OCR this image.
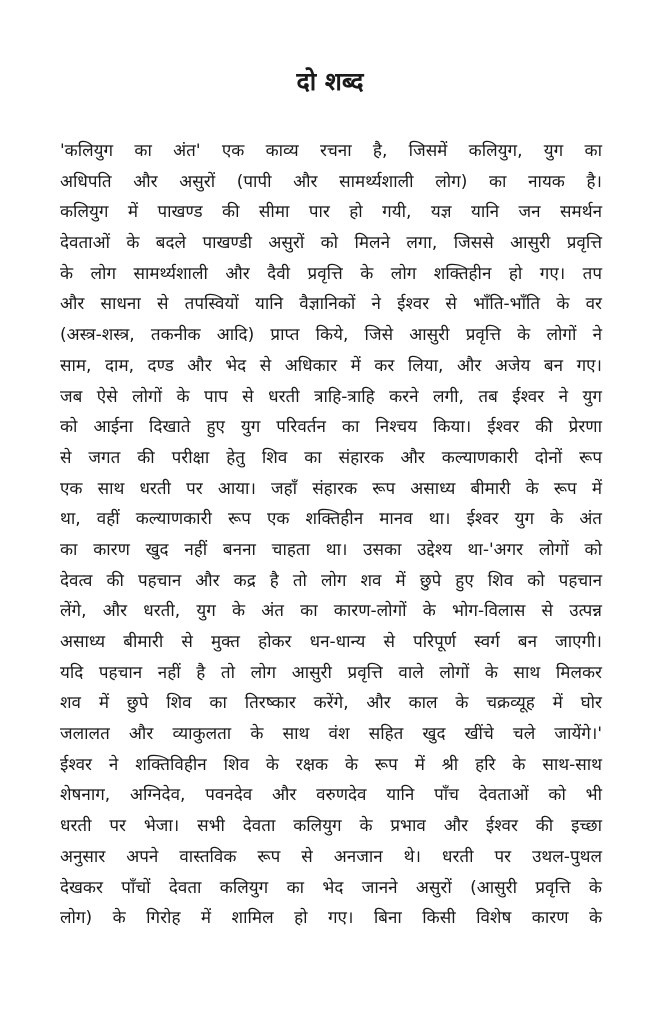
दो शब्द
'कलियुग का अंत' एक काव्य रचना है, जिसमें कलियुग, युग का
अधिपति और असुरों (पापी और सामर्थ्यशाली लोग) का नायक है।
कलियुग में पाखण्ड की सीमा पार हो गयी, यज्ञ यानि जन समर्थन
देवताओं के बदले पाखण्डी असुरों को मिलने लगा, जिससे आसुरी प्रवृत्ति
के लोग सामर्थ्यशाली और दैवी प्रवृत्ति के लोग शक्तिहीन हो गए। तप
और साधना से तपस्वियों यानि वैज्ञानिकों ने ईश्वर से भाँति-भाँति के वर
(अस्त्र-शस्त्र, तकनीक आदि) प्राप्त किये, जिसे आसुरी प्रवृत्ति के लोगों ने
साम, दाम, दण्ड और भेद से अधिकार में कर लिया, और अजेय बन गए।
जब ऐसे लोगों के पाप से धरती त्राहि-त्राहि करने लगी, तब ईश्वर ने युग
को आईना दिखाते हुए युग परिवर्तन का निश्चय किया। ईश्वर की प्रेरणा
से जगत की परीक्षा हेतु शिव का संहारक और कल्याणकारी दोनों रूप
एक साथ धरती पर आया। जहाँ संहारक रूप असाध्य बीमारी के रूप में
था, वहीं कल्याणकारी रूप एक शक्तिहीन मानव था। ईश्वर युग के अंत
का कारण खुद नहीं बनना चाहता था। उसका उद्देश्य था-'अगर लोगों को
देवत्व की पहचान और कद्र है तो लोग शव में छुपे हुए शिव को पहचान
लेंगे, और धरती, युग के अंत का कारण-लोगों के भोग-विलास से उत्पन्न
असाध्य बीमारी से मुक्त होकर धन-धान्य से परिपूर्ण स्वर्ग बन जाएगी।
यदि पहचान नहीं है तो लोग आसुरी प्रवृत्ति वाले लोगों के साथ मिलकर
शव में छुपे शिव का तिरष्कार करेंगे, और काल के चक्रव्यूह में घोर
जलालत और व्याकुलता के साथ वंश सहित खुद खींचे चले जायेंगे।'
ईश्वर ने शक्तिविहीन शिव के रक्षक के रूप में श्री हरि के साथ-साथ
शेषनाग, अग्निदेव, पवनदेव और वरुणदेव यानि पाँच देवताओं को भी
धरती पर भेजा। सभी देवता कलियुग के प्रभाव और ईश्वर की इच्छा
अनुसार अपने वास्तविक रूप से अनजान थे। धरती पर उथल-पुथल
देखकर पाँचों देवता कलियुग का भेद जानने असुरों (आसुरी प्रवृत्ति के
लोग) के गिरोह में शामिल हो गए। बिना किसी विशेष कारण के
